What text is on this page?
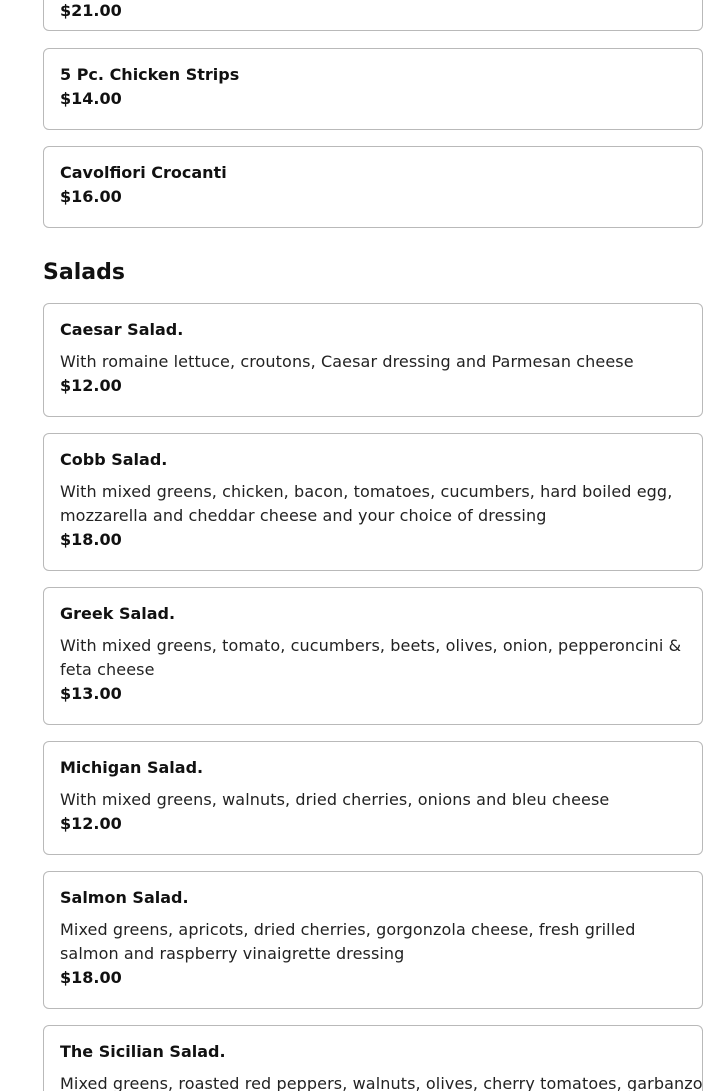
$21.00

5 Pc. Chicken Strips

$14.00

Cavolfiori Crocanti

$16.00

Salads

Caesar Salad.

With romaine lettuce, croutons, Caesar dressing and Parmesan cheese

$12.00

Cobb Salad.

With mixed greens, chicken, bacon, tomatoes, cucumbers, hard boiled egg, mozzarella and cheddar cheese and your choice of dressing

$18.00

Greek Salad.

With mixed greens, tomato, cucumbers, beets, olives, onion, pepperoncini & feta cheese

$13.00

Michigan Salad.

With mixed greens, walnuts, dried cherries, onions and bleu cheese

$12.00

Salmon Salad.

Mixed greens, apricots, dried cherries, gorgonzola cheese, fresh grilled salmon and raspberry vinaigrette dressing

$18.00

The Sicilian Salad.

Mixed greens, roasted red peppers, walnuts, olives, cherry tomatoes, garbanzo
